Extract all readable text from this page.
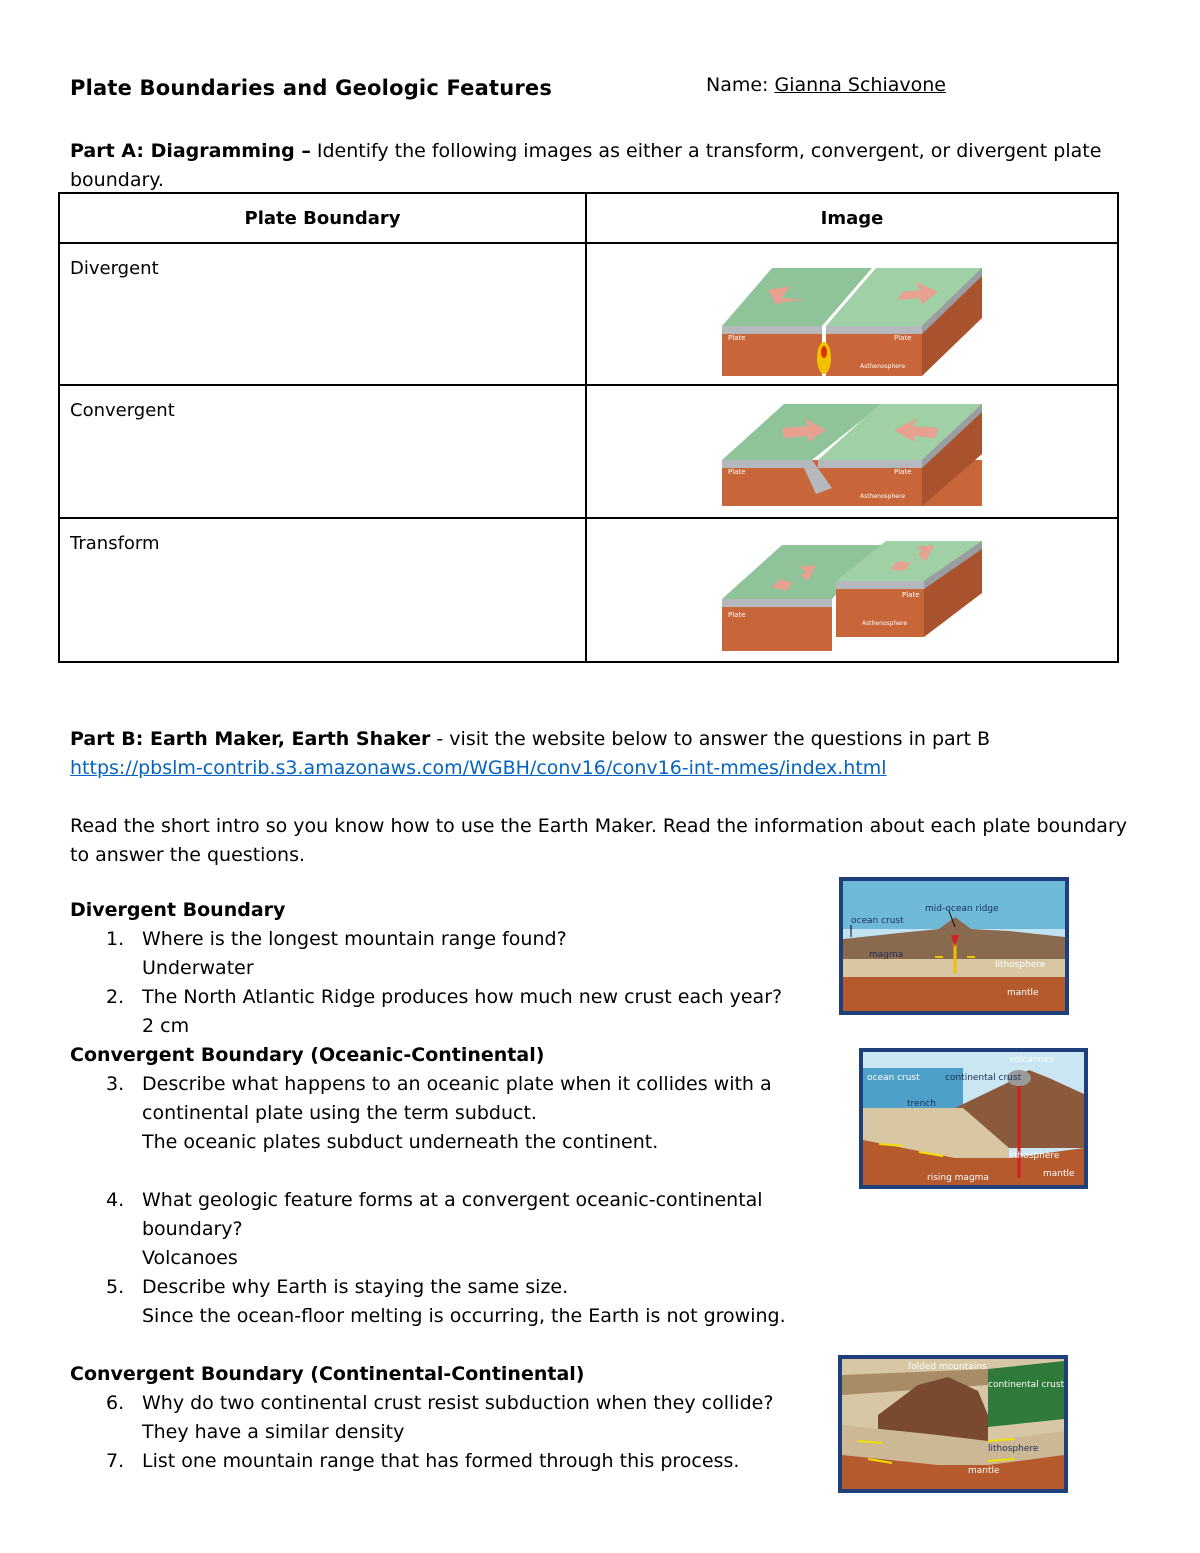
Plate Boundaries and Geologic Features	Name: Gianna Schiavone
Part A: Diagramming – Identify the following images as either a transform, convergent, or divergent plate boundary.
Plate Boundary	Image
Divergent	Plate Plate
Asthenosphere

Convergent	Plate Plate
Asthenosphere

Transform	Plate
Plate
Asthenosphere
Part B: Earth Maker, Earth Shaker - visit the website below to answer the questions in part B
https://pbslm-contrib.s3.amazonaws.com/WGBH/conv16/conv16-int-mmes/index.html
Read the short intro so you know how to use the Earth Maker. Read the information about each plate boundary to answer the questions.
Divergent Boundary
1. Where is the longest mountain range found?
Underwater
2. The North Atlantic Ridge produces how much new crust each year?
2 cm
Convergent Boundary (Oceanic-Continental)
3. Describe what happens to an oceanic plate when it collides with a continental plate using the term subduct.
The oceanic plates subduct underneath the continent.
4. What geologic feature forms at a convergent oceanic-continental boundary?
Volcanoes
5. Describe why Earth is staying the same size.
Since the ocean-floor melting is occurring, the Earth is not growing.
Convergent Boundary (Continental-Continental)
6. Why do two continental crust resist subduction when they collide?
They have a similar density
7. List one mountain range that has formed through this process.
ocean crust
mid-ocean ridge
magma
lithosphere
mantle
volcanoes
ocean crust	continental crust
trench
lithosphere
rising magma	mantle
folded mountains
continental crust
lithosphere
mantle
